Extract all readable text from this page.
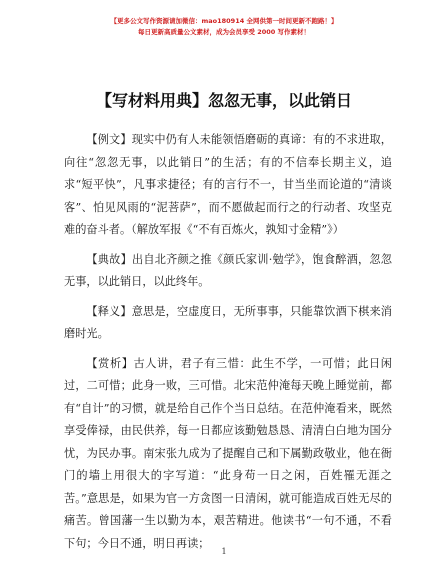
【更多公文写作资源请加微信：mao180914 全网供第一时间更新不跑路！】
每日更新高质量公文素材，成为会员享受 2000 写作素材！
【写材料用典】忽忽无事，以此销日

【例文】现实中仍有人未能领悟磨砺的真谛：有的不求进取，向往“忽忽无事，以此销日”的生活；有的不信奉长期主义，追求“短平快”，凡事求捷径；有的言行不一，甘当坐而论道的“清谈客”、怕见风雨的“泥菩萨”，而不愿做起而行之的行动者、攻坚克难的奋斗者。（解放军报《“不有百炼火，孰知寸金精”》）

【典故】出自北齐颜之推《颜氏家训·勉学》，饱食醉酒，忽忽无事，以此销日，以此终年。

【释义】意思是，空虚度日，无所事事，只能靠饮酒下棋来消磨时光。

【赏析】古人讲，君子有三惜：此生不学，一可惜；此日闲过，二可惜；此身一败，三可惜。北宋范仲淹每天晚上睡觉前，都有“自计”的习惯，就是给自己作个当日总结。在范仲淹看来，既然享受俸禄，由民供养，每一日都应该勤勉恳恳、清清白白地为国分忧，为民办事。南宋张九成为了提醒自己和下属勤政敬业，他在衙门的墙上用很大的字写道：“此身苟一日之闲，百姓罹无涯之苦。”意思是，如果为官一方贪图一日清闲，就可能造成百姓无尽的痛苦。曾国藩一生以勤为本，艰苦精进。他读书“一句不通，不看下句；今日不通，明日再读；

1
